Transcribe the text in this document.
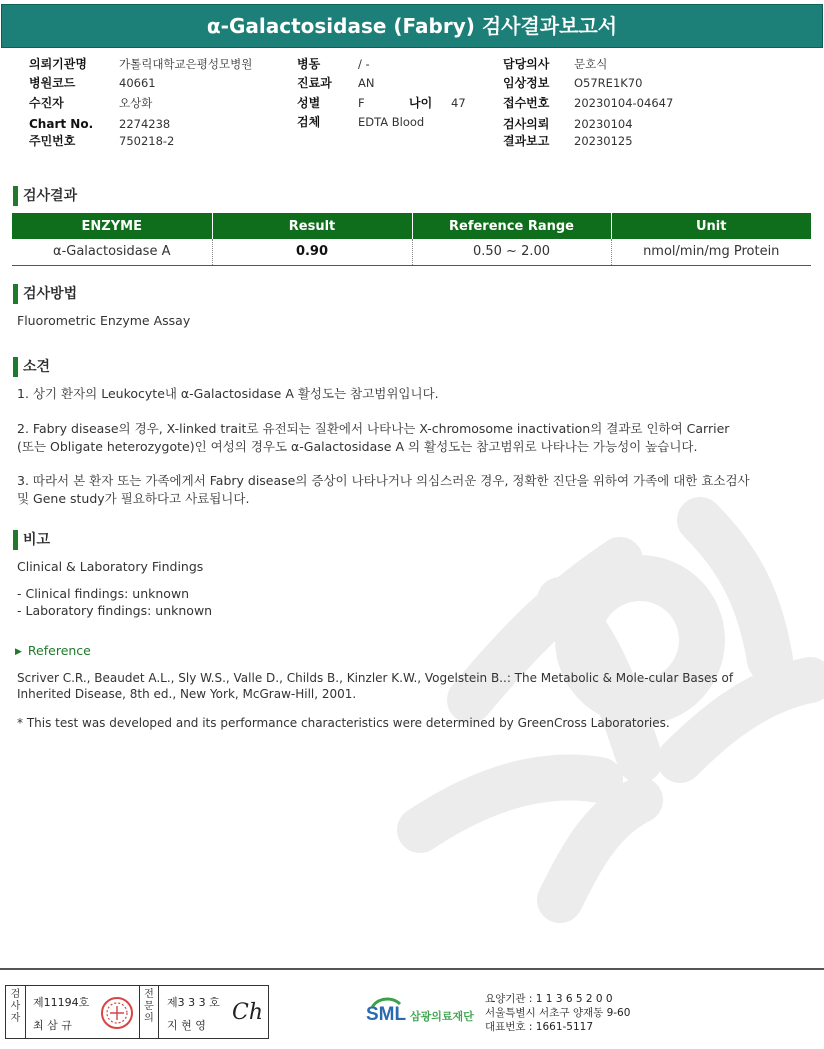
α-Galactosidase (Fabry) 검사결과보고서
의뢰기관명	가톨릭대학교은평성모병원
병원코드	40661
수진자	오상화
Chart No. 2274238
주민번호	750218-2
병동	/ -
진료과 AN
성별	F	나이 47
검체	EDTA Blood
담당의사 문호식
임상정보 O57RE1K70
접수번호 20230104-04647
검사의뢰 20230104
결과보고 20230125
검사결과
ENZYME	Result	Reference Range	Unit
α-Galactosidase A	0.90	0.50 ~ 2.00	nmol/min/mg Protein
검사방법
Fluorometric Enzyme Assay
소견
1. 상기 환자의 Leukocyte내 α-Galactosidase A 활성도는 참고범위입니다.
2. Fabry disease의 경우, X-linked trait로 유전되는 질환에서 나타나는 X-chromosome inactivation의 결과로 인하여 Carrier
(또는 Obligate heterozygote)인 여성의 경우도 α-Galactosidase A 의 활성도는 참고범위로 나타나는 가능성이 높습니다.
3. 따라서 본 환자 또는 가족에게서 Fabry disease의 증상이 나타나거나 의심스러운 경우, 정확한 진단을 위하여 가족에 대한 효소검사
및 Gene study가 필요하다고 사료됩니다.
비고
Clinical & Laboratory Findings
- Clinical findings: unknown
- Laboratory findings: unknown
▶ Reference
Scriver C.R., Beaudet A.L., Sly W.S., Valle D., Childs B., Kinzler K.W., Vogelstein B..: The Metabolic & Mole-cular Bases of
Inherited Disease, 8th ed., New York, McGraw-Hill, 2001.
* This test was developed and its performance characteristics were determined by GreenCross Laboratories.
검사자
제11194호
최 삼 규
전문의
제3 3 3 호
지 현 영
Ch	SML 삼광의료재단
요양기관 : 1 1 3 6 5 2 0 0
서울특별시 서초구 양재동 9-60
대표번호 : 1661-5117
